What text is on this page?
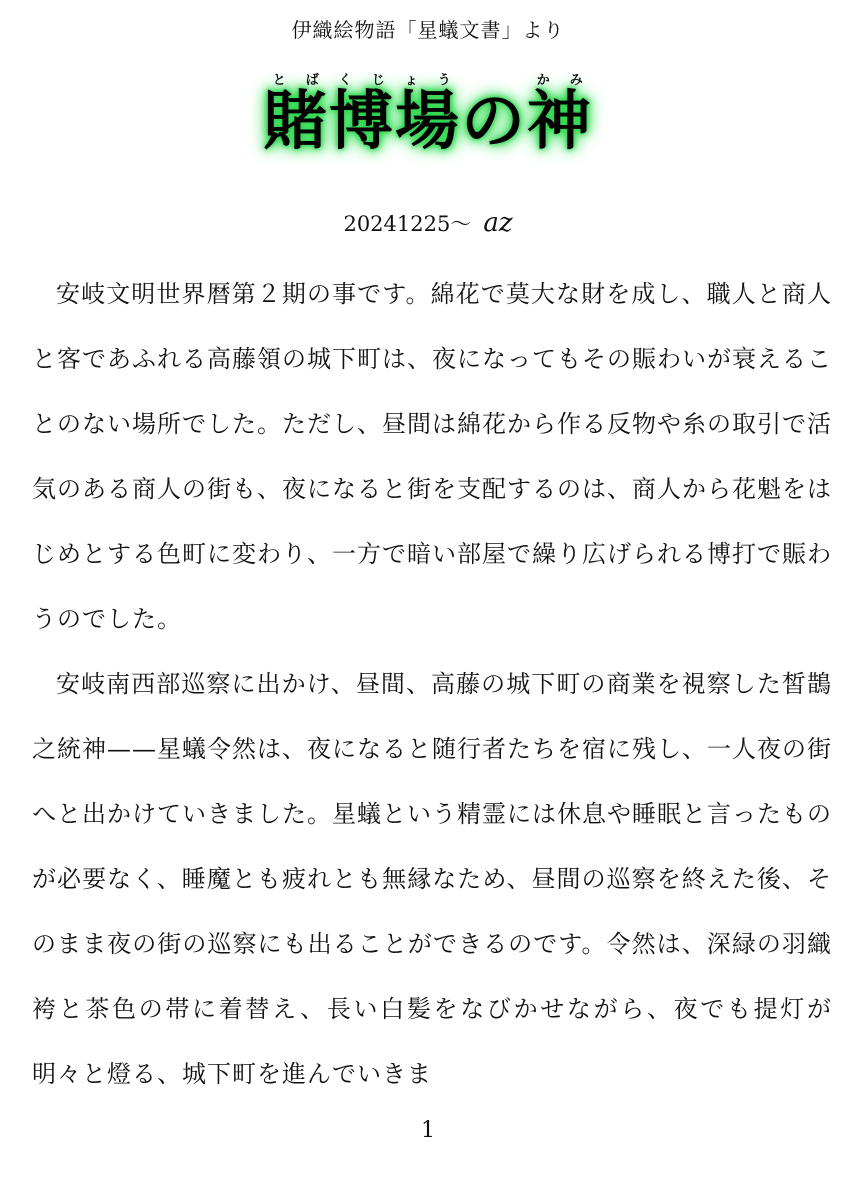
伊織絵物語「星蟻文書」より
賭博場とばくじょうの神かみ
20241225〜 az

安岐文明世界暦第２期の事です。綿花で莫大な財を成し、職人と商人と客であふれる高藤領の城下町は、夜になってもその賑わいが衰えることのない場所でした。ただし、昼間は綿花から作る反物や糸の取引で活気のある商人の街も、夜になると街を支配するのは、商人から花魁をはじめとする色町に変わり、一方で暗い部屋で繰り広げられる博打で賑わうのでした。

安岐南西部巡察に出かけ、昼間、高藤の城下町の商業を視察した皙鵲之統神——星蟻令然は、夜になると随行者たちを宿に残し、一人夜の街へと出かけていきました。星蟻という精霊には休息や睡眠と言ったものが必要なく、睡魔とも疲れとも無縁なため、昼間の巡察を終えた後、そのまま夜の街の巡察にも出ることができるのです。令然は、深緑の羽織袴と茶色の帯に着替え、長い白髪をなびかせながら、夜でも提灯が明々と燈る、城下町を進んでいきま

1
